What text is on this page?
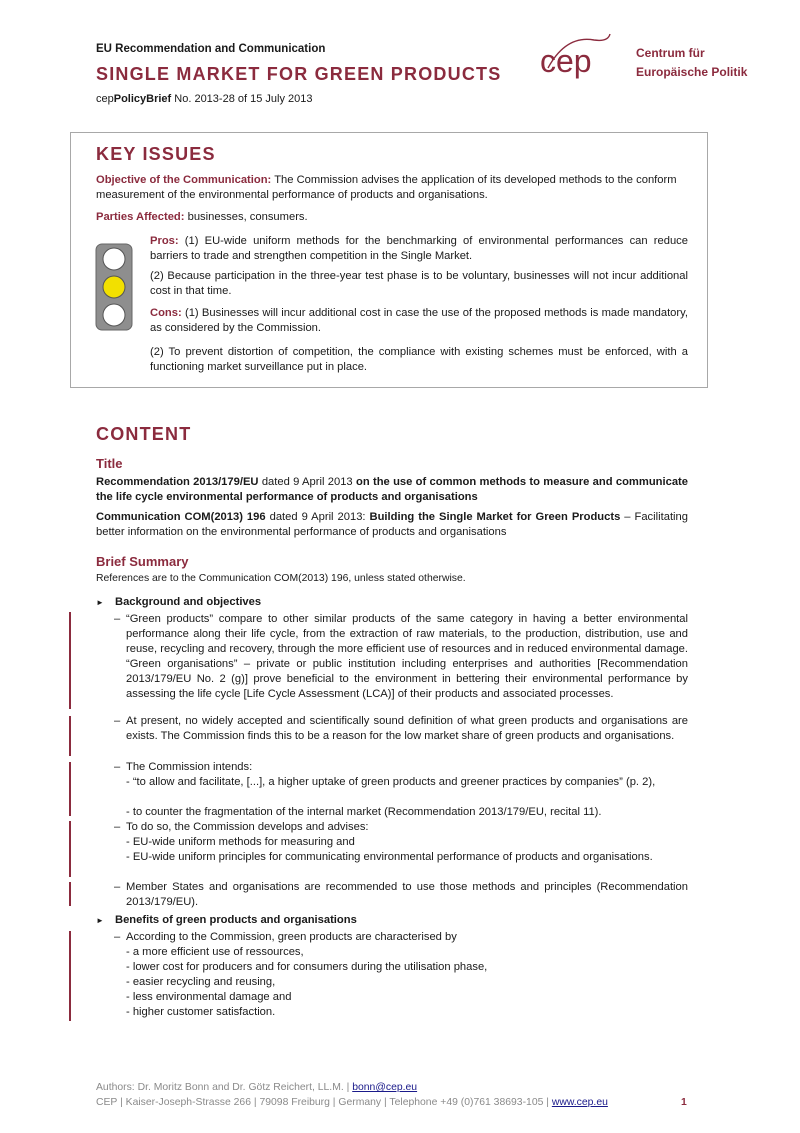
EU Recommendation and Communication
SINGLE MARKET FOR GREEN PRODUCTS
cepPolicyBrief No. 2013-28 of 15 July 2013
cep	Centrum für
Europäische Politik
KEY ISSUES
Objective of the Communication: The Commission advises the application of its developed methods to the conform measurement of the environmental performance of products and organisations.
Parties Affected: businesses, consumers.
Pros: (1) EU-wide uniform methods for the benchmarking of environmental performances can reduce barriers to trade and strengthen competition in the Single Market.
(2) Because participation in the three-year test phase is to be voluntary, businesses will not incur additional cost in that time.
Cons: (1) Businesses will incur additional cost in case the use of the proposed methods is made mandatory, as considered by the Commission.
(2) To prevent distortion of competition, the compliance with existing schemes must be enforced, with a functioning market surveillance put in place.
CONTENT
Title
Recommendation 2013/179/EU dated 9 April 2013 on the use of common methods to measure and communicate the life cycle environmental performance of products and organisations
Communication COM(2013) 196 dated 9 April 2013: Building the Single Market for Green Products – Facilitating better information on the environmental performance of products and organisations
Brief Summary
References are to the Communication COM(2013) 196, unless stated otherwise.
► Background and objectives
– “Green products” compare to other similar products of the same category in having a better environmental performance along their life cycle, from the extraction of raw materials, to the production, distribution, use and reuse, recycling and recovery, through the more efficient use of resources and in reduced environmental damage. “Green organisations” – private or public institution including enterprises and authorities [Recommendation 2013/179/EU No. 2 (g)] prove beneficial to the environment in bettering their environmental performance by assessing the life cycle [Life Cycle Assessment (LCA)] of their products and associated processes.
– At present, no widely accepted and scientifically sound definition of what green products and organisations are exists. The Commission finds this to be a reason for the low market share of green products and organisations.
– The Commission intends:
- “to allow and facilitate, [...], a higher uptake of green products and greener practices by companies” (p. 2),
- to counter the fragmentation of the internal market (Recommendation 2013/179/EU, recital 11).
– To do so, the Commission develops and advises:
- EU-wide uniform methods for measuring and
- EU-wide uniform principles for communicating environmental performance of products and organisations.
– Member States and organisations are recommended to use those methods and principles (Recommendation 2013/179/EU).
► Benefits of green products and organisations
– According to the Commission, green products are characterised by
- a more efficient use of ressources,
- lower cost for producers and for consumers during the utilisation phase,
- easier recycling and reusing,
- less environmental damage and
- higher customer satisfaction.
Authors: Dr. Moritz Bonn and Dr. Götz Reichert, LL.M. | bonn@cep.eu
CEP | Kaiser-Joseph-Strasse 266 | 79098 Freiburg | Germany | Telephone +49 (0)761 38693-105 | www.cep.eu	1
